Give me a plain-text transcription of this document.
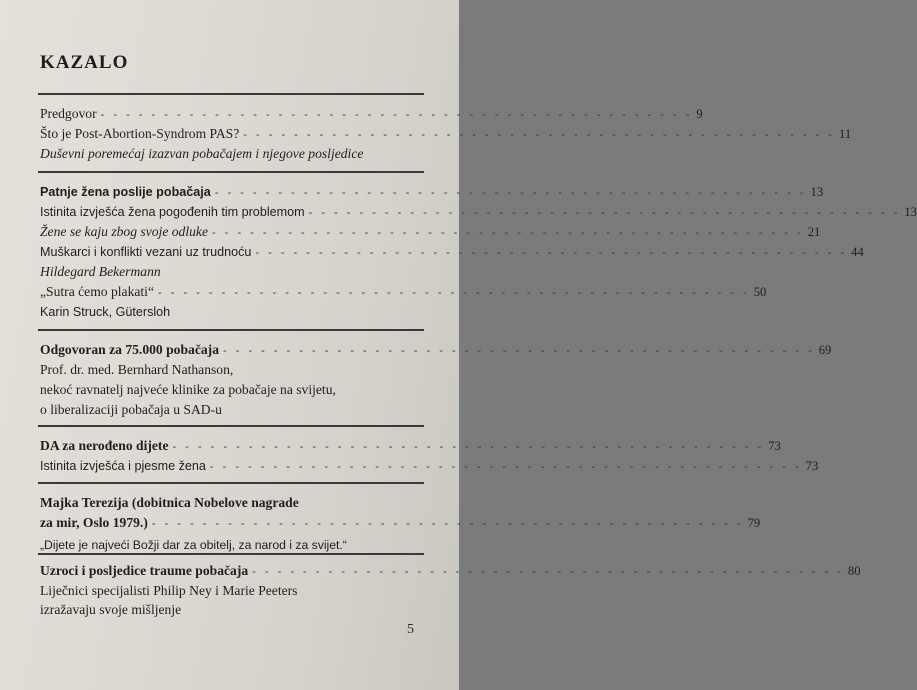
KAZALO
Predgovor - - - - - - - - - - - - - - - - - - - - - - - - - - - - - - - - - - - - - - - - - - - - - - - 9
Što je Post-Abortion-Syndrom PAS? - - - - - - - - - - - - - - - - - - - - - - - - - - - - - - - - - - - - - - - - - - - - - - - 11
Duševni poremećaj izazvan pobačajem i njegove posljedice
Patnje žena poslije pobačaja - - - - - - - - - - - - - - - - - - - - - - - - - - - - - - - - - - - - - - - - - - - - - - - 13
Istinita izvješća žena pogođenih tim problemom - - - - - - - - - - - - - - - - - - - - - - - - - - - - - - - - - - - - - - - - - - - - - - - 13
Žene se kaju zbog svoje odluke - - - - - - - - - - - - - - - - - - - - - - - - - - - - - - - - - - - - - - - - - - - - - - - 21
Muškarci i konflikti vezani uz trudnoću - - - - - - - - - - - - - - - - - - - - - - - - - - - - - - - - - - - - - - - - - - - - - - - 44
Hildegard Bekermann
„Sutra ćemo plakati“ - - - - - - - - - - - - - - - - - - - - - - - - - - - - - - - - - - - - - - - - - - - - - - - 50
Karin Struck, Gütersloh
Odgovoran za 75.000 pobačaja - - - - - - - - - - - - - - - - - - - - - - - - - - - - - - - - - - - - - - - - - - - - - - - 69
Prof. dr. med. Bernhard Nathanson,
nekoć ravnatelj najveće klinike za pobačaje na svijetu,
o liberalizaciji pobačaja u SAD-u
DA za nerođeno dijete - - - - - - - - - - - - - - - - - - - - - - - - - - - - - - - - - - - - - - - - - - - - - - - 73
Istinita izvješća i pjesme žena - - - - - - - - - - - - - - - - - - - - - - - - - - - - - - - - - - - - - - - - - - - - - - - 73
Majka Terezija (dobitnica Nobelove nagrade
za mir, Oslo 1979.) - - - - - - - - - - - - - - - - - - - - - - - - - - - - - - - - - - - - - - - - - - - - - - - 79
„Dijete je najveći Božji dar za obitelj, za narod i za svijet.“
Uzroci i posljedice traume pobačaja - - - - - - - - - - - - - - - - - - - - - - - - - - - - - - - - - - - - - - - - - - - - - - - 80
Liječnici specijalisti Philip Ney i Marie Peeters
izražavaju svoje mišljenje
5
